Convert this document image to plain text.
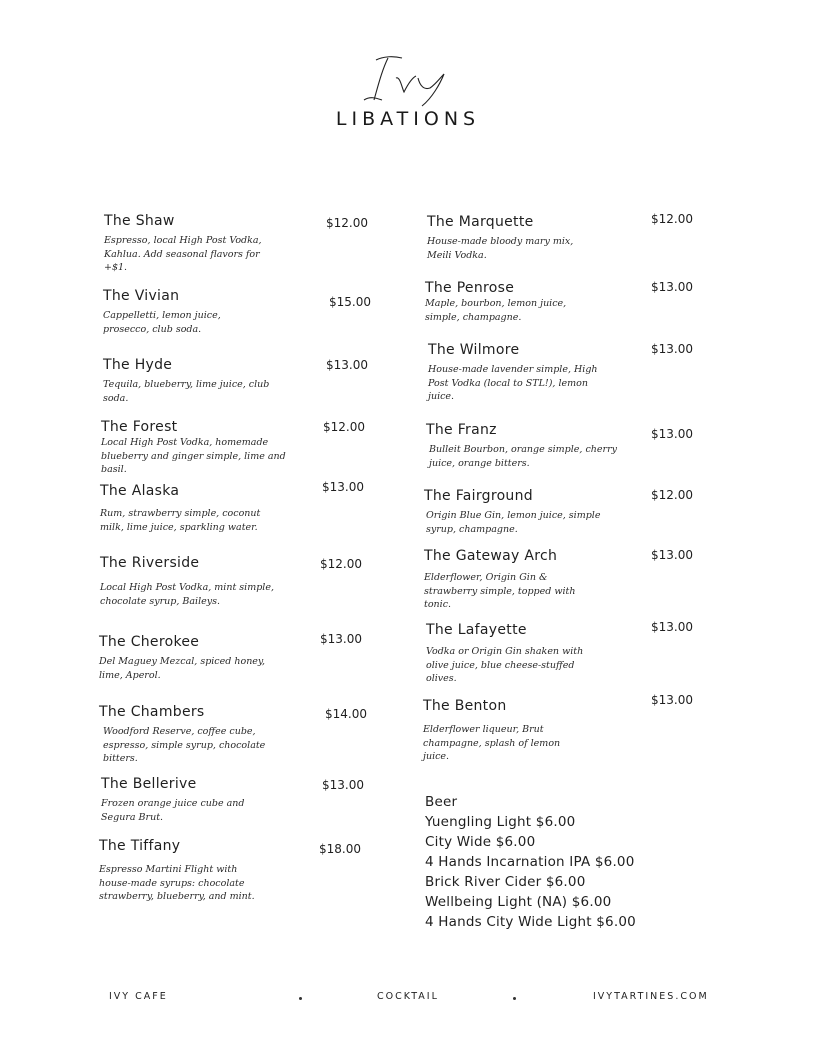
LIBATIONS
The Shaw
Espresso, local High Post Vodka,
Kahlua. Add seasonal flavors for
+$1.
$12.00
The Vivian
Cappelletti, lemon juice,
prosecco, club soda.
$15.00
The Hyde
Tequila, blueberry, lime juice, club
soda.
$13.00
The Forest
Local High Post Vodka, homemade
blueberry and ginger simple, lime and
basil.
$12.00
The Alaska
Rum, strawberry simple, coconut
milk, lime juice, sparkling water.
$13.00
The Riverside
Local High Post Vodka, mint simple,
chocolate syrup, Baileys.
$12.00
The Cherokee
Del Maguey Mezcal, spiced honey,
lime, Aperol.
$13.00
The Chambers
Woodford Reserve, coffee cube,
espresso, simple syrup, chocolate
bitters.
$14.00
The Bellerive
Frozen orange juice cube and
Segura Brut.
$13.00
The Tiffany
Espresso Martini Flight with
house-made syrups: chocolate
strawberry, blueberry, and mint.
$18.00
The Marquette
House-made bloody mary mix,
Meili Vodka.
$12.00
The Penrose
Maple, bourbon, lemon juice,
simple, champagne.
$13.00
The Wilmore
House-made lavender simple, High
Post Vodka (local to STL!), lemon
juice.
$13.00
The Franz
Bulleit Bourbon, orange simple, cherry
juice, orange bitters.
$13.00
The Fairground
Origin Blue Gin, lemon juice, simple
syrup, champagne.
$12.00
The Gateway Arch
Elderflower, Origin Gin &
strawberry simple, topped with
tonic.
$13.00
The Lafayette
Vodka or Origin Gin shaken with
olive juice, blue cheese-stuffed
olives.
$13.00
The Benton
Elderflower liqueur, Brut
champagne, splash of lemon
juice.
$13.00
Beer
Yuengling Light $6.00
City Wide $6.00
4 Hands Incarnation IPA $6.00
Brick River Cider $6.00
Wellbeing Light (NA) $6.00
4 Hands City Wide Light $6.00
IVY CAFE	COCKTAIL	IVYTARTINES.COM
